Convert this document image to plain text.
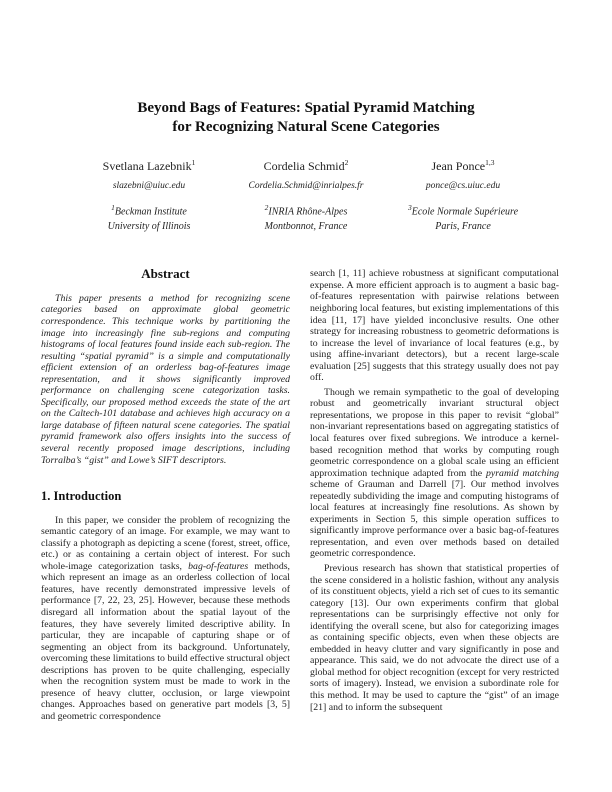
Beyond Bags of Features: Spatial Pyramid Matching
for Recognizing Natural Scene Categories
Svetlana Lazebnik$^1$
slazebni@uiuc.edu
$^1$Beckman Institute
University of Illinois
Cordelia Schmid$^2$
Cordelia.Schmid@inrialpes.fr
$^2$INRIA Rhône-Alpes
Montbonnot, France
Jean Ponce$^{1,3}$
ponce@cs.uiuc.edu
$^3$Ecole Normale Supérieure
Paris, France
Abstract

This paper presents a method for recognizing scene categories based on approximate global geometric correspondence. This technique works by partitioning the image into increasingly fine sub-regions and computing histograms of local features found inside each sub-region. The resulting “spatial pyramid” is a simple and computationally efficient extension of an orderless bag-of-features image representation, and it shows significantly improved performance on challenging scene categorization tasks. Specifically, our proposed method exceeds the state of the art on the Caltech-101 database and achieves high accuracy on a large database of fifteen natural scene categories. The spatial pyramid framework also offers insights into the success of several recently proposed image descriptions, including Torralba’s “gist” and Lowe’s SIFT descriptors.

1. Introduction

In this paper, we consider the problem of recognizing the semantic category of an image. For example, we may want to classify a photograph as depicting a scene (forest, street, office, etc.) or as containing a certain object of interest. For such whole-image categorization tasks, bag-of-features methods, which represent an image as an orderless collection of local features, have recently demonstrated impressive levels of performance [7, 22, 23, 25]. However, because these methods disregard all information about the spatial layout of the features, they have severely limited descriptive ability. In particular, they are incapable of capturing shape or of segmenting an object from its background. Unfortunately, overcoming these limitations to build effective structural object descriptions has proven to be quite challenging, especially when the recognition system must be made to work in the presence of heavy clutter, occlusion, or large viewpoint changes. Approaches based on generative part models [3, 5] and geometric correspondence

search [1, 11] achieve robustness at significant computational expense. A more efficient approach is to augment a basic bag-of-features representation with pairwise relations between neighboring local features, but existing implementations of this idea [11, 17] have yielded inconclusive results. One other strategy for increasing robustness to geometric deformations is to increase the level of invariance of local features (e.g., by using affine-invariant detectors), but a recent large-scale evaluation [25] suggests that this strategy usually does not pay off.

Though we remain sympathetic to the goal of developing robust and geometrically invariant structural object representations, we propose in this paper to revisit “global” non-invariant representations based on aggregating statistics of local features over fixed subregions. We introduce a kernel-based recognition method that works by computing rough geometric correspondence on a global scale using an efficient approximation technique adapted from the pyramid matching scheme of Grauman and Darrell [7]. Our method involves repeatedly subdividing the image and computing histograms of local features at increasingly fine resolutions. As shown by experiments in Section 5, this simple operation suffices to significantly improve performance over a basic bag-of-features representation, and even over methods based on detailed geometric correspondence.

Previous research has shown that statistical properties of the scene considered in a holistic fashion, without any analysis of its constituent objects, yield a rich set of cues to its semantic category [13]. Our own experiments confirm that global representations can be surprisingly effective not only for identifying the overall scene, but also for categorizing images as containing specific objects, even when these objects are embedded in heavy clutter and vary significantly in pose and appearance. This said, we do not advocate the direct use of a global method for object recognition (except for very restricted sorts of imagery). Instead, we envision a subordinate role for this method. It may be used to capture the “gist” of an image [21] and to inform the subsequent
